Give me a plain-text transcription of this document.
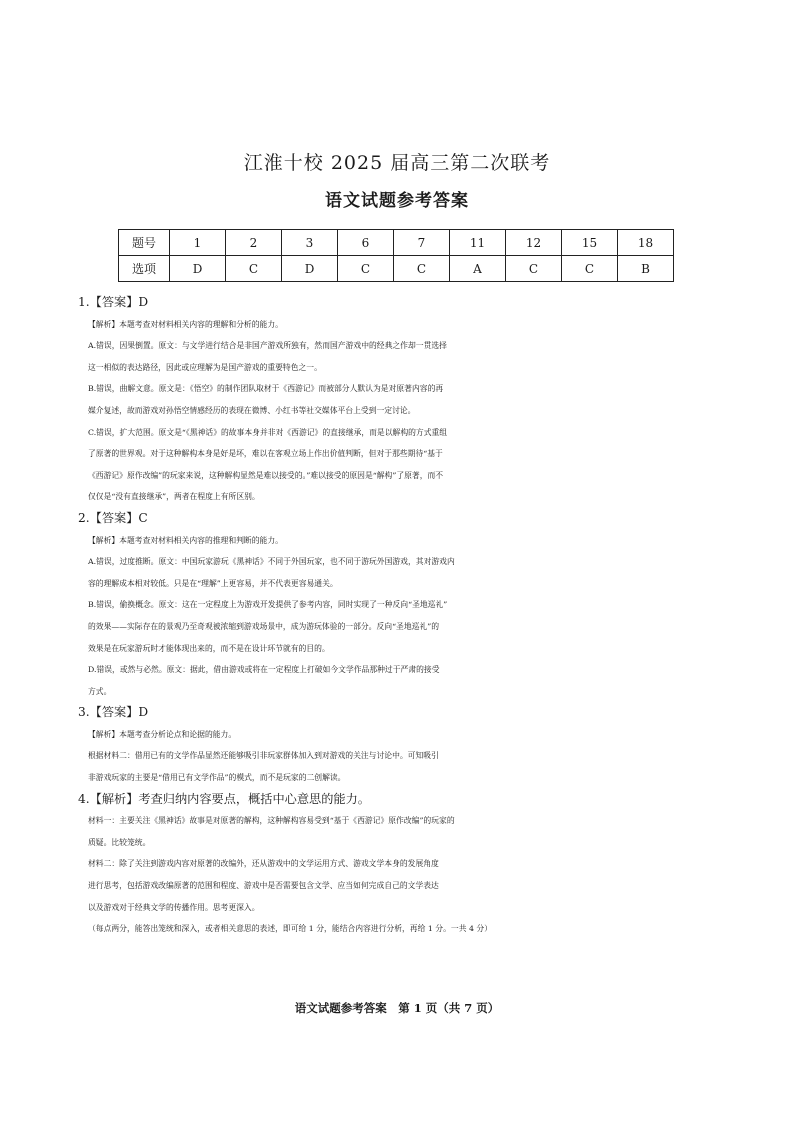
江淮十校 2025 届高三第二次联考
语文试题参考答案
题号	1	2	3	6	7	11	12	15	18
选项	D	C	D	C	C	A	C	C	B

1.【答案】D

【解析】本题考查对材料相关内容的理解和分析的能力。

A.错误，因果倒置。原文：与文学进行结合是非国产游戏所独有，然而国产游戏中的经典之作却一贯选择

这一相似的表达路径，因此或应理解为是国产游戏的重要特色之一。

B.错误，曲解文意。原文是：《悟空》的制作团队取材于《西游记》而被部分人默认为是对原著内容的再

媒介复述，故而游戏对孙悟空情感经历的表现在微博、小红书等社交媒体平台上受到一定讨论。

C.错误，扩大范围。原文是“《黑神话》的故事本身并非对《西游记》的直接继承，而是以解构的方式重组

了原著的世界观。对于这种解构本身是好是坏，难以在客观立场上作出价值判断，但对于那些期待“基于

《西游记》原作改编”的玩家来说，这种解构显然是难以接受的。”难以接受的原因是“解构”了原著，而不

仅仅是“没有直接继承”，两者在程度上有所区别。

2.【答案】C

【解析】本题考查对材料相关内容的推理和判断的能力。

A.错误，过度推断。原文：中国玩家游玩《黑神话》不同于外国玩家，也不同于游玩外国游戏，其对游戏内

容的理解成本相对较低。只是在“理解”上更容易，并不代表更容易通关。

B.错误，偷换概念。原文：这在一定程度上为游戏开发提供了参考内容，同时实现了一种反向“圣地巡礼”

的效果——实际存在的景观乃至奇观被浓缩到游戏场景中，成为游玩体验的一部分。反向“圣地巡礼”的

效果是在玩家游玩时才能体现出来的，而不是在设计环节就有的目的。

D.错误，或然与必然。原文：据此，借由游戏或将在一定程度上打破如今文学作品那种过于严肃的接受

方式。

3.【答案】D

【解析】本题考查分析论点和论据的能力。

根据材料二：借用已有的文学作品显然还能够吸引非玩家群体加入到对游戏的关注与讨论中。可知吸引

非游戏玩家的主要是“借用已有文学作品”的模式，而不是玩家的二创解读。

4.【解析】考查归纳内容要点，概括中心意思的能力。

材料一：主要关注《黑神话》故事是对原著的解构，这种解构容易受到“基于《西游记》原作改编”的玩家的

质疑。比较笼统。

材料二：除了关注到游戏内容对原著的改编外，还从游戏中的文学运用方式、游戏文学本身的发展角度

进行思考，包括游戏改编原著的范围和程度、游戏中是否需要包含文学、应当如何完成自己的文学表达

以及游戏对于经典文学的传播作用。思考更深入。

（每点两分，能答出笼统和深入，或者相关意思的表述，即可给 1 分，能结合内容进行分析，再给 1 分。一共 4 分）

语文试题参考答案　第 1 页（共 7 页）
